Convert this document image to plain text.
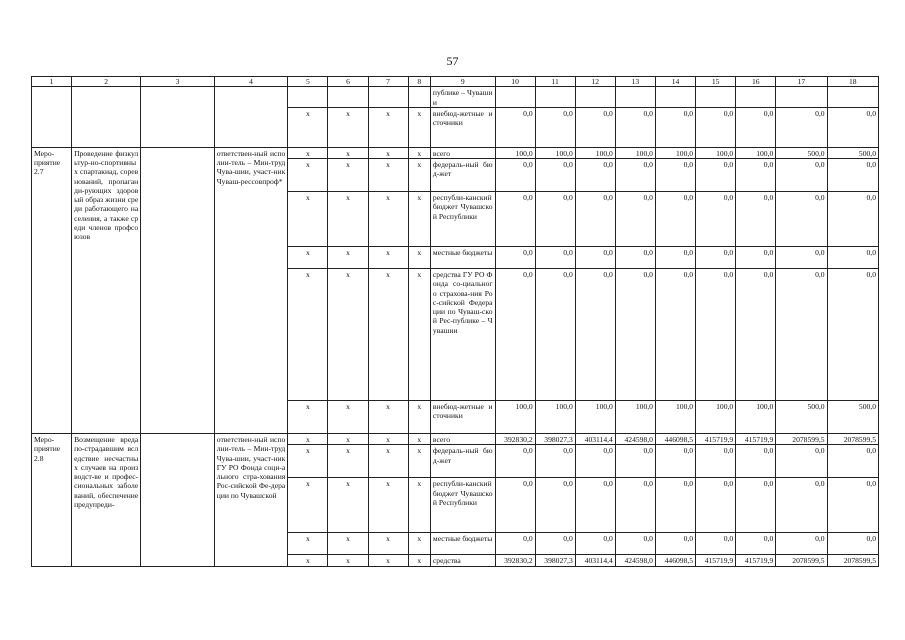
57
1	2	3	4	5	6	7	8	9	10	11	12	13	14	15	16	17	18
								публике – Чувашии									
				x	x	x	x	внебюд-жетные источники	0,0	0,0	0,0	0,0	0,0	0,0	0,0	0,0	0,0
Меро-приятие 2.7	Проведение физкультур-но-спортивных спартакиад, соревнований, пропаганди-рующих здоровый образ жизни среди работающего населения, а также среди членов профсоюзов		ответствен-ный исполни-тель – Мин-труд Чува-шии, участ-ник Чуваш-рессовпроф*	x	x	x	x	всего	100,0	100,0	100,0	100,0	100,0	100,0	100,0	500,0	500,0
				x	x	x	x	федераль-ный бюд-жет	0,0	0,0	0,0	0,0	0,0	0,0	0,0	0,0	0,0
				x	x	x	x	республи-канский бюджет Чувашской Республики	0,0	0,0	0,0	0,0	0,0	0,0	0,0	0,0	0,0
				x	x	x	x	местные бюджеты	0,0	0,0	0,0	0,0	0,0	0,0	0,0	0,0	0,0
				x	x	x	x	средства ГУ РО Фонда со-циального страхова-ния Рос-сийской Федерации по Чуваш-ской Рес-публике – Чувашии	0,0	0,0	0,0	0,0	0,0	0,0	0,0	0,0	0,0
				x	x	x	x	внебюд-жетные источники	100,0	100,0	100,0	100,0	100,0	100,0	100,0	500,0	500,0
Меро-приятие 2.8	Возмещение вреда по-страдавшим вследствие несчастных случаев на производст-ве и профес-сиональных заболеваний, обеспечение предупреди-		ответствен-ный исполни-тель – Мин-труд Чува-шии, участ-ник ГУ РО Фонда соци-ального стра-хования Рос-сийской Фе-дерации по Чувашской	x	x	x	x	всего	392830,2	398027,3	403114,4	424598,0	446098,5	415719,9	415719,9	2078599,5	2078599,5
				x	x	x	x	федераль-ный бюд-жет	0,0	0,0	0,0	0,0	0,0	0,0	0,0	0,0	0,0
				x	x	x	x	республи-канский бюджет Чувашской Республики	0,0	0,0	0,0	0,0	0,0	0,0	0,0	0,0	0,0
				x	x	x	x	местные бюджеты	0,0	0,0	0,0	0,0	0,0	0,0	0,0	0,0	0,0
				x	x	x	x	средства	392830,2	398027,3	403114,4	424598,0	446098,5	415719,9	415719,9	2078599,5	2078599,5
